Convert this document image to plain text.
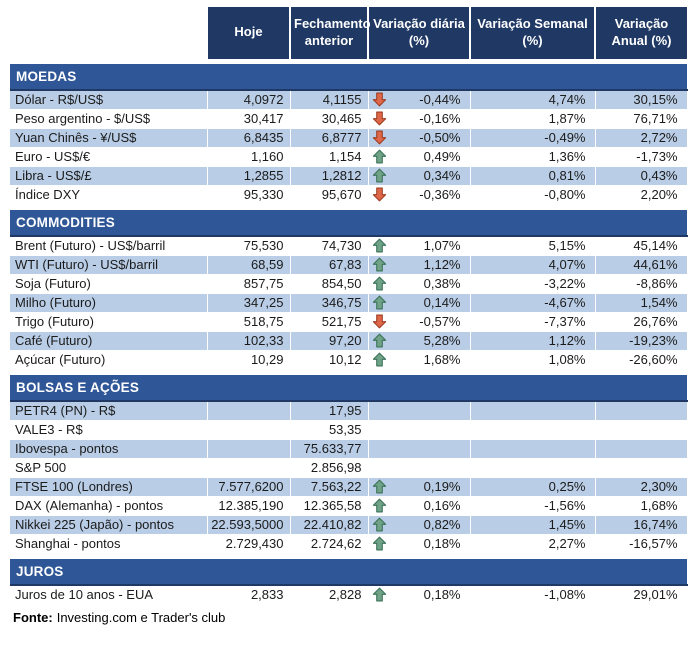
	Hoje	Fechamento anterior	Variação diária (%)	Variação Semanal (%)	Variação Anual (%)

MOEDAS					
Dólar - R$/US$	4,0972	4,1155	-0,44%	4,74%	30,15%
Peso argentino - $/US$	30,417	30,465	-0,16%	1,87%	76,71%
Yuan Chinês - ¥/US$	6,8435	6,8777	-0,50%	-0,49%	2,72%
Euro - US$/€	1,160	1,154	0,49%	1,36%	-1,73%
Libra - US$/£	1,2855	1,2812	0,34%	0,81%	0,43%
Índice DXY	95,330	95,670	-0,36%	-0,80%	2,20%

COMMODITIES					
Brent (Futuro) - US$/barril	75,530	74,730	1,07%	5,15%	45,14%
WTI (Futuro) - US$/barril	68,59	67,83	1,12%	4,07%	44,61%
Soja (Futuro)	857,75	854,50	0,38%	-3,22%	-8,86%
Milho (Futuro)	347,25	346,75	0,14%	-4,67%	1,54%
Trigo (Futuro)	518,75	521,75	-0,57%	-7,37%	26,76%
Café (Futuro)	102,33	97,20	5,28%	1,12%	-19,23%
Açúcar (Futuro)	10,29	10,12	1,68%	1,08%	-26,60%

BOLSAS E AÇÕES					
PETR4 (PN) - R$		17,95	

VALE3 - R$		53,35	

Ibovespa - pontos		75.633,77	

S&P 500		2.856,98	

FTSE 100 (Londres)	7.577,6200	7.563,22	0,19%	0,25%	2,30%
DAX (Alemanha) - pontos	12.385,190	12.365,58	0,16%	-1,56%	1,68%
Nikkei 225 (Japão) - pontos	22.593,5000	22.410,82	0,82%	1,45%	16,74%
Shanghai - pontos	2.729,430	2.724,62	0,18%	2,27%	-16,57%

JUROS					
Juros de 10 anos - EUA	2,833	2,828	0,18%	-1,08%	29,01%
Fonte: Investing.com e Trader's club
